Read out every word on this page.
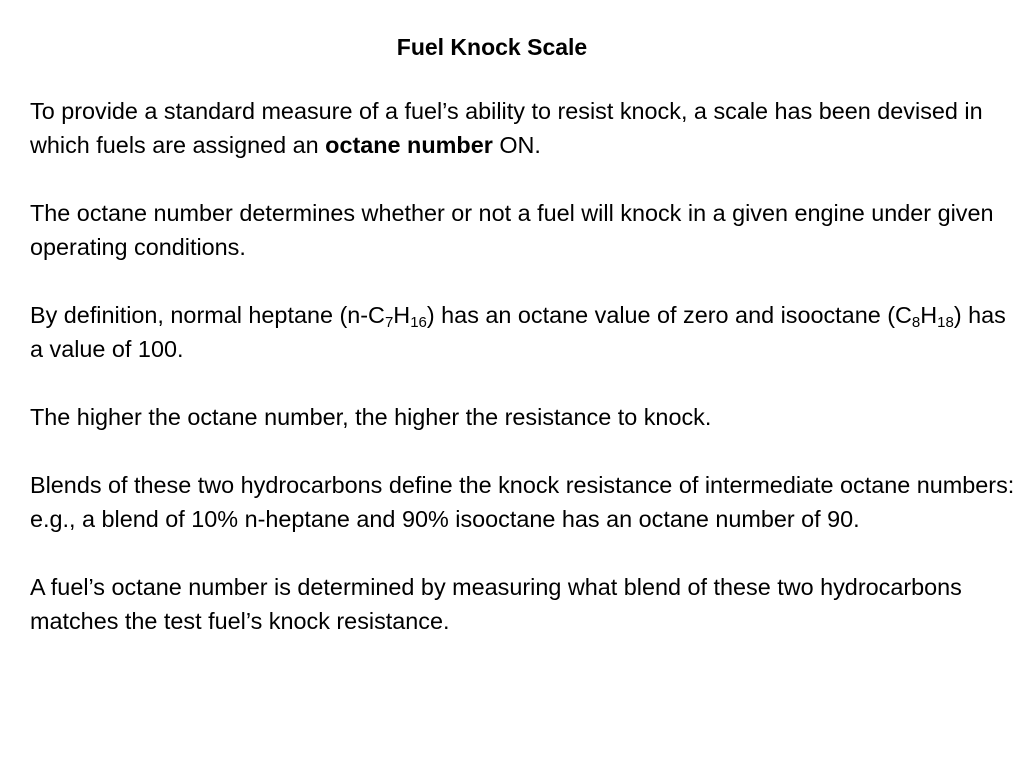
Fuel Knock Scale

To provide a standard measure of a fuel’s ability to resist knock, a scale has been devised in which fuels are assigned an octane number ON.

The octane number determines whether or not a fuel will knock in a given engine under given operating conditions.

By definition, normal heptane $(n-C_7H_{16})$ has an octane value of zero and isooctane $(C_8H_{18})$ has a value of 100.

The higher the octane number, the higher the resistance to knock.

Blends of these two hydrocarbons define the knock resistance of intermediate octane numbers: e.g., a blend of 10% n-heptane and 90% isooctane has an octane number of 90.

A fuel’s octane number is determined by measuring what blend of these two hydrocarbons matches the test fuel’s knock resistance.
